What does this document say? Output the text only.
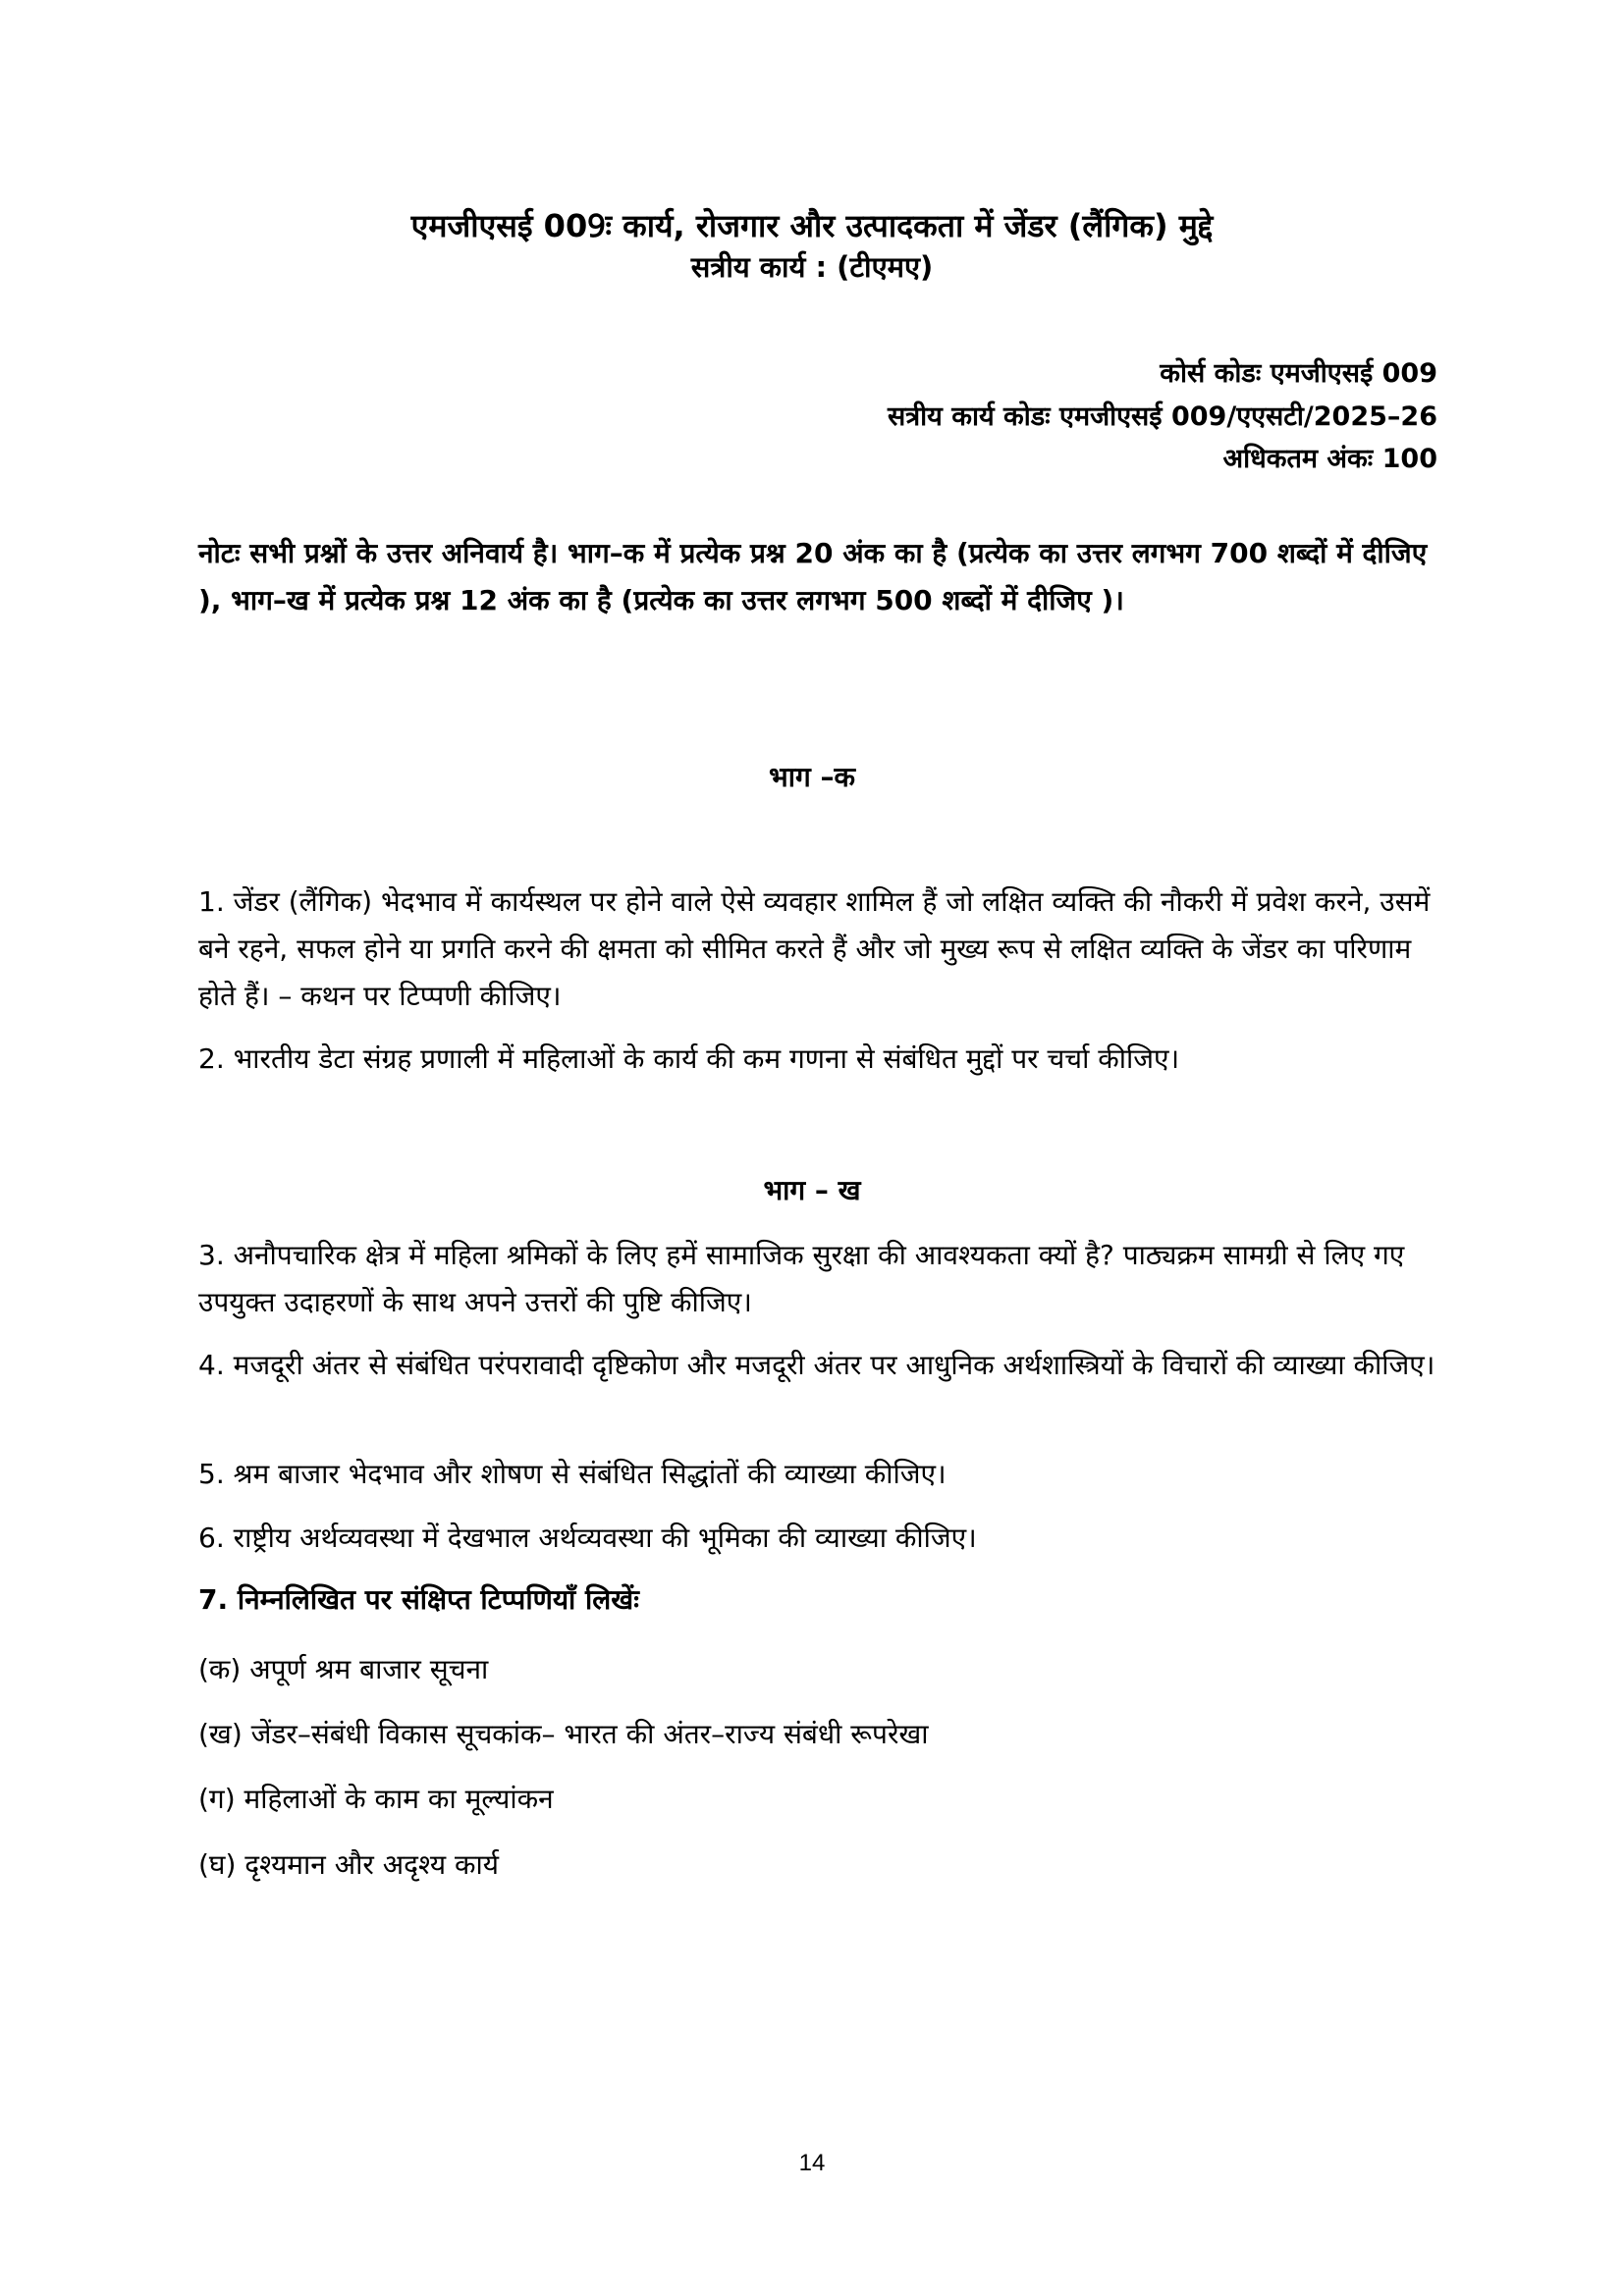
एमजीएसई 009ः कार्य, रोजगार और उत्पादकता में जेंडर (लैंगिक) मुद्दे
सत्रीय कार्य : (टीएमए)
कोर्स कोडः एमजीएसई 009
सत्रीय कार्य कोडः एमजीएसई 009/एएसटी/2025–26
अधिकतम अंकः 100
नोटः सभी प्रश्नों के उत्तर अनिवार्य है। भाग–क में प्रत्येक प्रश्न 20 अंक का है (प्रत्येक का उत्तर लगभग 700 शब्दों में दीजिए ), भाग–ख में प्रत्येक प्रश्न 12 अंक का है (प्रत्येक का उत्तर लगभग 500 शब्दों में दीजिए )।
भाग –क
1. जेंडर (लैंगिक) भेदभाव में कार्यस्थल पर होने वाले ऐसे व्यवहार शामिल हैं जो लक्षित व्यक्ति की नौकरी में प्रवेश करने, उसमें बने रहने, सफल होने या प्रगति करने की क्षमता को सीमित करते हैं और जो मुख्य रूप से लक्षित व्यक्ति के जेंडर का परिणाम होते हैं। – कथन पर टिप्पणी कीजिए।
2. भारतीय डेटा संग्रह प्रणाली में महिलाओं के कार्य की कम गणना से संबंधित मुद्दों पर चर्चा कीजिए।
भाग – ख
3. अनौपचारिक क्षेत्र में महिला श्रमिकों के लिए हमें सामाजिक सुरक्षा की आवश्यकता क्यों है? पाठ्यक्रम सामग्री से लिए गए उपयुक्त उदाहरणों के साथ अपने उत्तरों की पुष्टि कीजिए।
4. मजदूरी अंतर से संबंधित परंपरावादी दृष्टिकोण और मजदूरी अंतर पर आधुनिक अर्थशास्त्रियों के विचारों की व्याख्या कीजिए।
5. श्रम बाजार भेदभाव और शोषण से संबंधित सिद्धांतों की व्याख्या कीजिए।
6. राष्ट्रीय अर्थव्यवस्था में देखभाल अर्थव्यवस्था की भूमिका की व्याख्या कीजिए।
7. निम्नलिखित पर संक्षिप्त टिप्पणियाँ लिखेंः
(क) अपूर्ण श्रम बाजार सूचना
(ख) जेंडर–संबंधी विकास सूचकांक– भारत की अंतर–राज्य संबंधी रूपरेखा
(ग) महिलाओं के काम का मूल्यांकन
(घ) दृश्यमान और अदृश्य कार्य
14
